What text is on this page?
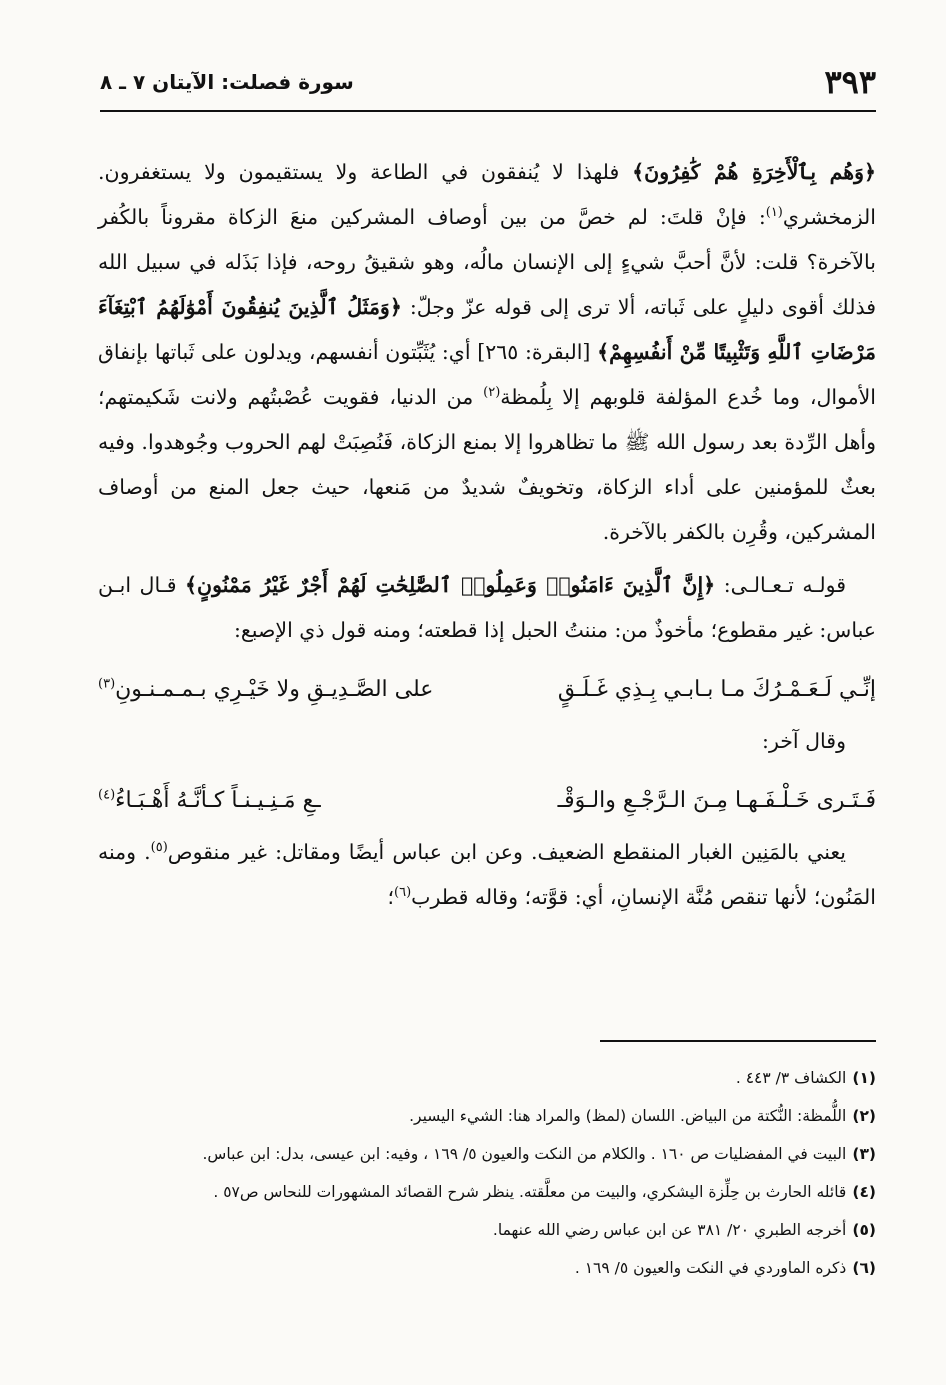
٣٩٣
سورة فصلت: الآيتان ٧ ـ ٨

﴿وَهُم بِٱلْأَخِرَةِ هُمْ كَٰفِرُونَ﴾ فلهذا لا يُنفقون في الطاعة ولا يستقيمون ولا يستغفرون. الزمخشري$^{(١)}$: فإنْ قلتَ: لم خصَّ من بين أوصاف المشركين منعَ الزكاة مقروناً بالكُفر بالآخرة؟ قلت: لأنَّ أحبَّ شيءٍ إلى الإنسان مالُه، وهو شقيقُ روحه، فإذا بَذَله في سبيل الله فذلك أقوى دليلٍ على ثَباته، ألا ترى إلى قوله عزّ وجلّ: ﴿وَمَثَلُ ٱلَّذِينَ يُنفِقُونَ أَمْوَٰلَهُمُ ٱبْتِغَآءَ مَرْضَاتِ ٱللَّهِ وَتَثْبِيتًا مِّنْ أَنفُسِهِمْ﴾ [البقرة: ٢٦٥] أي: يُثَبِّتون أنفسهم، ويدلون على ثَباتها بإنفاق الأموال، وما خُدع المؤلفة قلوبهم إلا بِلُمظة$^{(٢)}$ من الدنيا، فقويت عُصْبتُهم ولانت شَكيمتهم؛ وأهل الرِّدة بعد رسول الله ﷺ ما تظاهروا إلا بمنع الزكاة، فَنُصِبَتْ لهم الحروب وجُوهدوا. وفيه بعثٌ للمؤمنين على أداء الزكاة، وتخويفٌ شديدٌ من مَنعها، حيث جعل المنع من أوصاف المشركين، وقُرِن بالكفر بالآخرة.

قولـه تـعـالـى: ﴿إِنَّ ٱلَّذِينَ ءَامَنُوا۟ وَعَمِلُوا۟ ٱلصَّٰلِحَٰتِ لَهُمْ أَجْرٌ غَيْرُ مَمْنُونٍ﴾ قـال ابـن عباس: غير مقطوع؛ مأخوذٌ من: مننتُ الحبل إذا قطعته؛ ومنه قول ذي الإصبع:

إنِّـي لَـعَـمْـرُكَ مـا بـابـي بِـذِي غَـلَـقٍ
على الصَّـدِيـقِ ولا خَيْـرِي بـمـمـنـونِ$^{(٣)}$

وقال آخر:

فَـتَـرى خَـلْـفَـهـا مِـنَ الـرَّجْـعِ والـوَقْـ
ـعِ مَـنِـيـنـاً كـأنَّـهُ أَهْـبَـاءُ$^{(٤)}$

يعني بالمَنِين الغبار المنقطع الضعيف. وعن ابن عباس أيضًا ومقاتل: غير منقوص$^{(٥)}$. ومنه المَنُون؛ لأنها تنقص مُنَّة الإنسانِ، أي: قوَّته؛ وقاله قطرب$^{(٦)}$؛

(١)الكشاف ٣/ ٤٤٣ .

(٢)اللُّمظة: النُّكتة من البياض. اللسان (لمظ) والمراد هنا: الشيء اليسير.

(٣)البيت في المفضليات ص ١٦٠ . والكلام من النكت والعيون ٥/ ١٦٩ ، وفيه: ابن عيسى، بدل: ابن عباس.

(٤)قائله الحارث بن حِلِّزة اليشكري، والبيت من معلَّقته. ينظر شرح القصائد المشهورات للنحاس ص٥٧ .

(٥)أخرجه الطبري ٢٠/ ٣٨١ عن ابن عباس رضي الله عنهما.

(٦)ذكره الماوردي في النكت والعيون ٥/ ١٦٩ .
